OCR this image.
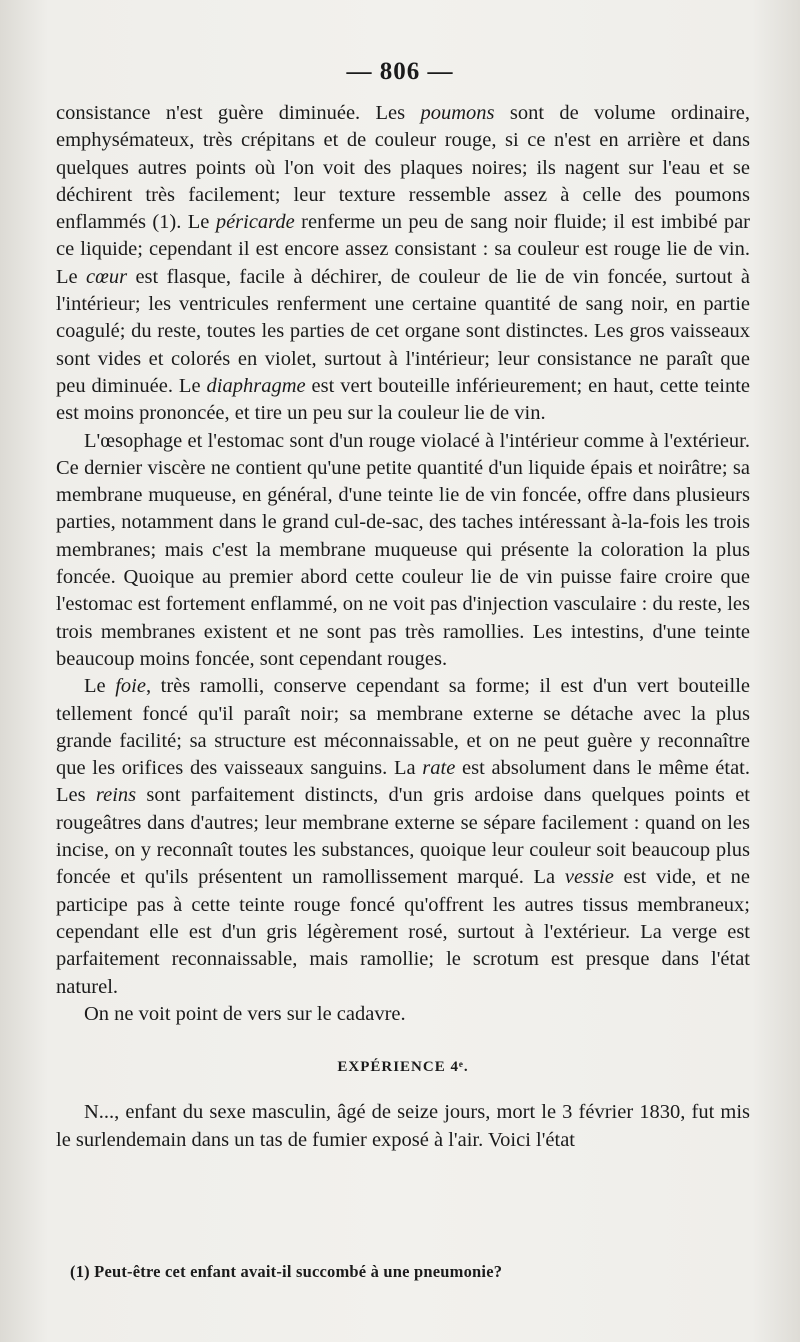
— 806 —

consistance n'est guère diminuée. Les poumons sont de volume ordinaire, emphysémateux, très crépitans et de couleur rouge, si ce n'est en arrière et dans quelques autres points où l'on voit des plaques noires; ils nagent sur l'eau et se déchirent très facilement; leur texture ressemble assez à celle des poumons enflammés (1). Le péricarde renferme un peu de sang noir fluide; il est imbibé par ce liquide; cependant il est encore assez consistant : sa couleur est rouge lie de vin. Le cœur est flasque, facile à déchirer, de couleur de lie de vin foncée, surtout à l'intérieur; les ventricules renferment une certaine quantité de sang noir, en partie coagulé; du reste, toutes les parties de cet organe sont distinctes. Les gros vaisseaux sont vides et colorés en violet, surtout à l'intérieur; leur consistance ne paraît que peu diminuée. Le diaphragme est vert bouteille inférieurement; en haut, cette teinte est moins prononcée, et tire un peu sur la couleur lie de vin.

L'œsophage et l'estomac sont d'un rouge violacé à l'intérieur comme à l'extérieur. Ce dernier viscère ne contient qu'une petite quantité d'un liquide épais et noirâtre; sa membrane muqueuse, en général, d'une teinte lie de vin foncée, offre dans plusieurs parties, notamment dans le grand cul-de-sac, des taches intéressant à-la-fois les trois membranes; mais c'est la membrane muqueuse qui présente la coloration la plus foncée. Quoique au premier abord cette couleur lie de vin puisse faire croire que l'estomac est fortement enflammé, on ne voit pas d'injection vasculaire : du reste, les trois membranes existent et ne sont pas très ramollies. Les intestins, d'une teinte beaucoup moins foncée, sont cependant rouges.

Le foie, très ramolli, conserve cependant sa forme; il est d'un vert bouteille tellement foncé qu'il paraît noir; sa membrane externe se détache avec la plus grande facilité; sa structure est méconnaissable, et on ne peut guère y reconnaître que les orifices des vaisseaux sanguins. La rate est absolument dans le même état. Les reins sont parfaitement distincts, d'un gris ardoise dans quelques points et rougeâtres dans d'autres; leur membrane externe se sépare facilement : quand on les incise, on y reconnaît toutes les substances, quoique leur couleur soit beaucoup plus foncée et qu'ils présentent un ramollissement marqué. La vessie est vide, et ne participe pas à cette teinte rouge foncé qu'offrent les autres tissus membraneux; cependant elle est d'un gris légèrement rosé, surtout à l'extérieur. La verge est parfaitement reconnaissable, mais ramollie; le scrotum est presque dans l'état naturel.

On ne voit point de vers sur le cadavre.

EXPÉRIENCE 4ᵉ.

N..., enfant du sexe masculin, âgé de seize jours, mort le 3 février 1830, fut mis le surlendemain dans un tas de fumier exposé à l'air. Voici l'état

(1) Peut-être cet enfant avait-il succombé à une pneumonie?
